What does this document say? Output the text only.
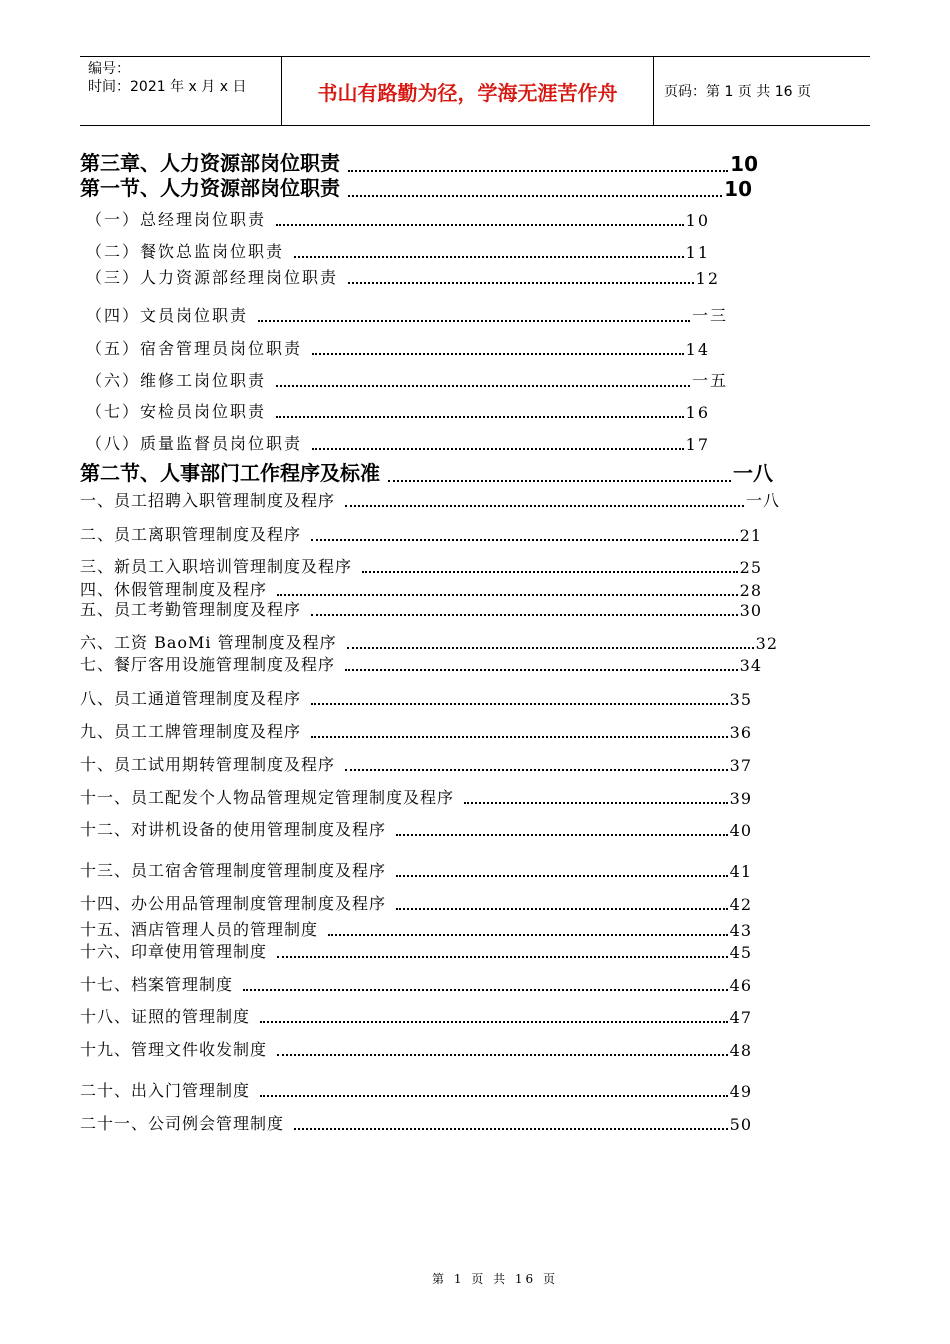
编号：
时间：2021 年 x 月 x 日	书山有路勤为径，学海无涯苦作舟	页码：第 1 页 共 16 页
第三章、人力资源部岗位职责	10
第一节、人力资源部岗位职责	10
（一）总经理岗位职责	10
（二）餐饮总监岗位职责	11
（三）人力资源部经理岗位职责	12
（四）文员岗位职责	一三
（五）宿舍管理员岗位职责	14
（六）维修工岗位职责	一五
（七）安检员岗位职责	16
（八）质量监督员岗位职责	17
第二节、人事部门工作程序及标准	一八
一、员工招聘入职管理制度及程序	一八
二、员工离职管理制度及程序	21
三、新员工入职培训管理制度及程序	25
四、休假管理制度及程序	28
五、员工考勤管理制度及程序	30
六、工资 BaoMi 管理制度及程序	32
七、餐厅客用设施管理制度及程序	34
八、员工通道管理制度及程序	35
九、员工工牌管理制度及程序	36
十、员工试用期转管理制度及程序	37
十一、员工配发个人物品管理规定管理制度及程序	39
十二、对讲机设备的使用管理制度及程序	40
十三、员工宿舍管理制度管理制度及程序	41
十四、办公用品管理制度管理制度及程序	42
十五、酒店管理人员的管理制度	43
十六、印章使用管理制度	45
十七、档案管理制度	46
十八、证照的管理制度	47
十九、管理文件收发制度	48
二十、出入门管理制度	49
二十一、公司例会管理制度	50
第 1 页 共 16 页
